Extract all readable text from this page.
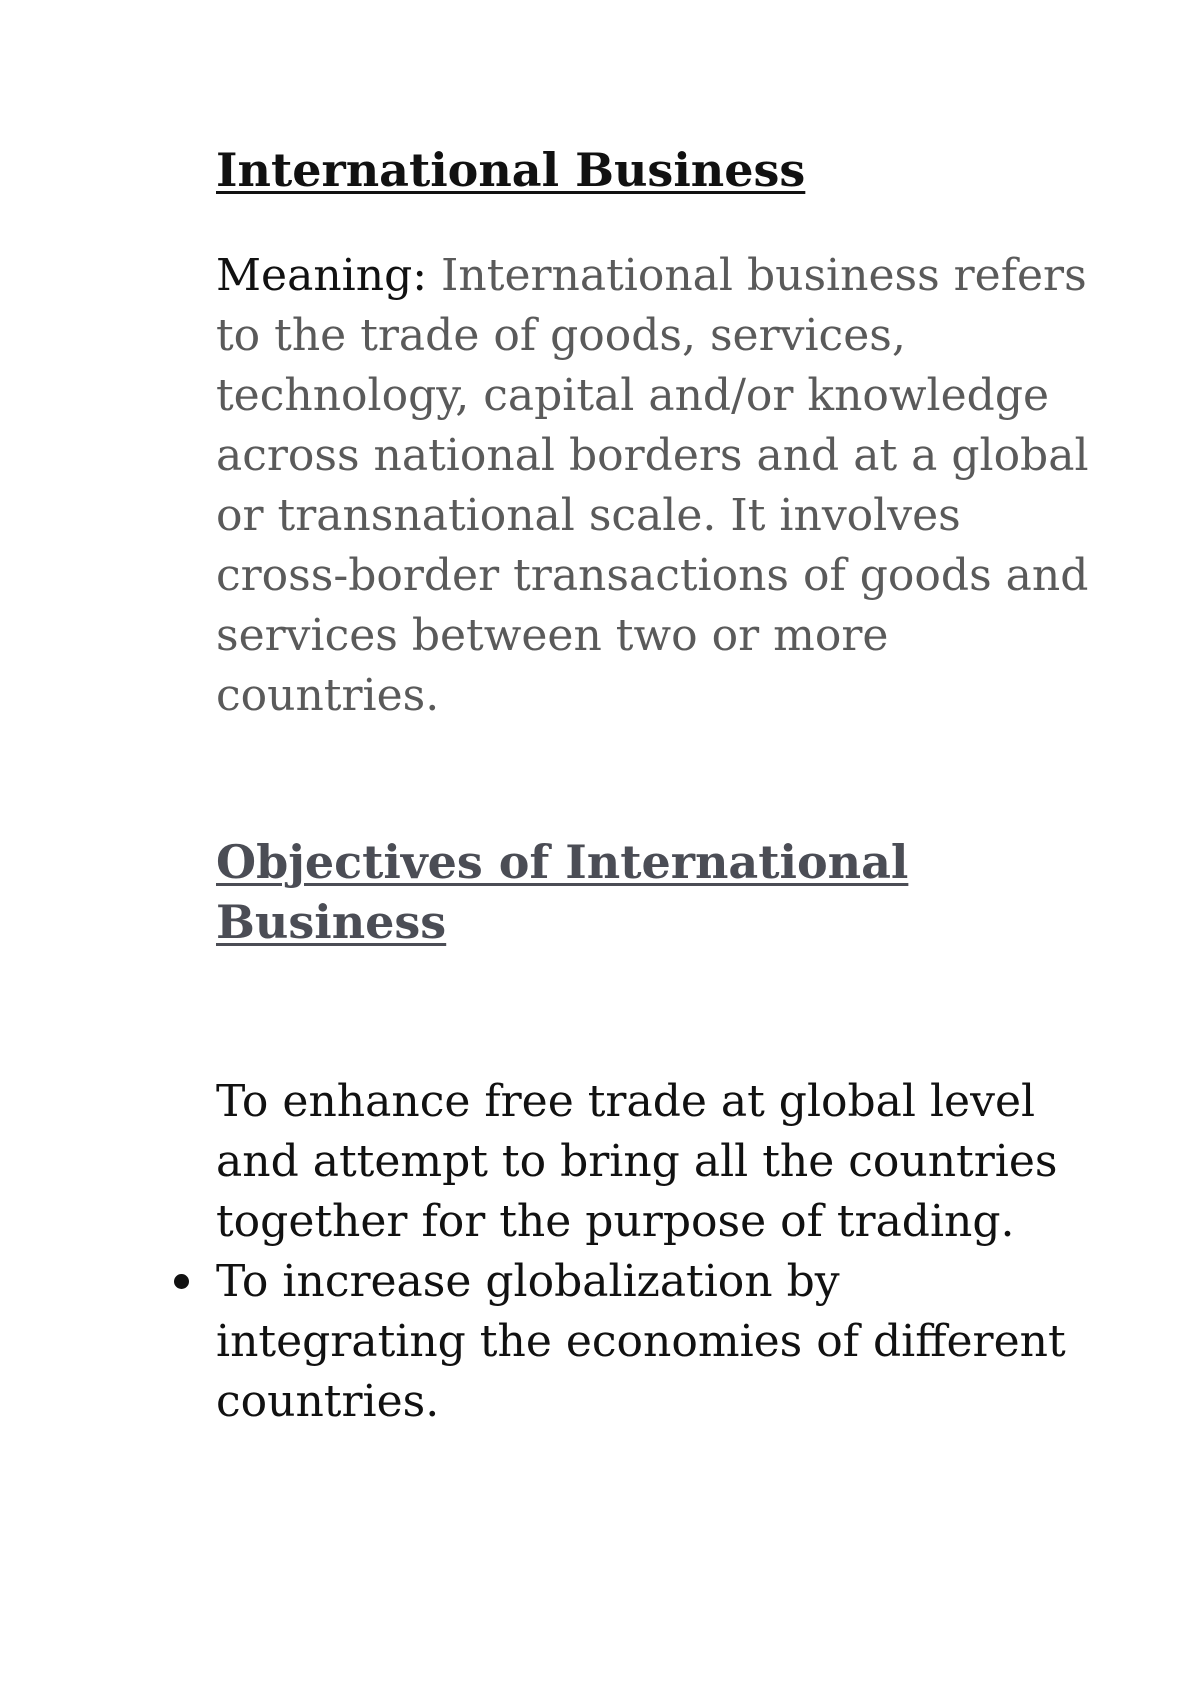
International Business

Meaning: International business refers to the trade of goods, services, technology, capital and/or knowledge across national borders and at a global or transnational scale. It involves cross-border transactions of goods and services between two or more countries.

Objectives of International Business

To enhance free trade at global level and attempt to bring all the countries together for the purpose of trading.

To increase globalization by integrating the economies of different countries.
